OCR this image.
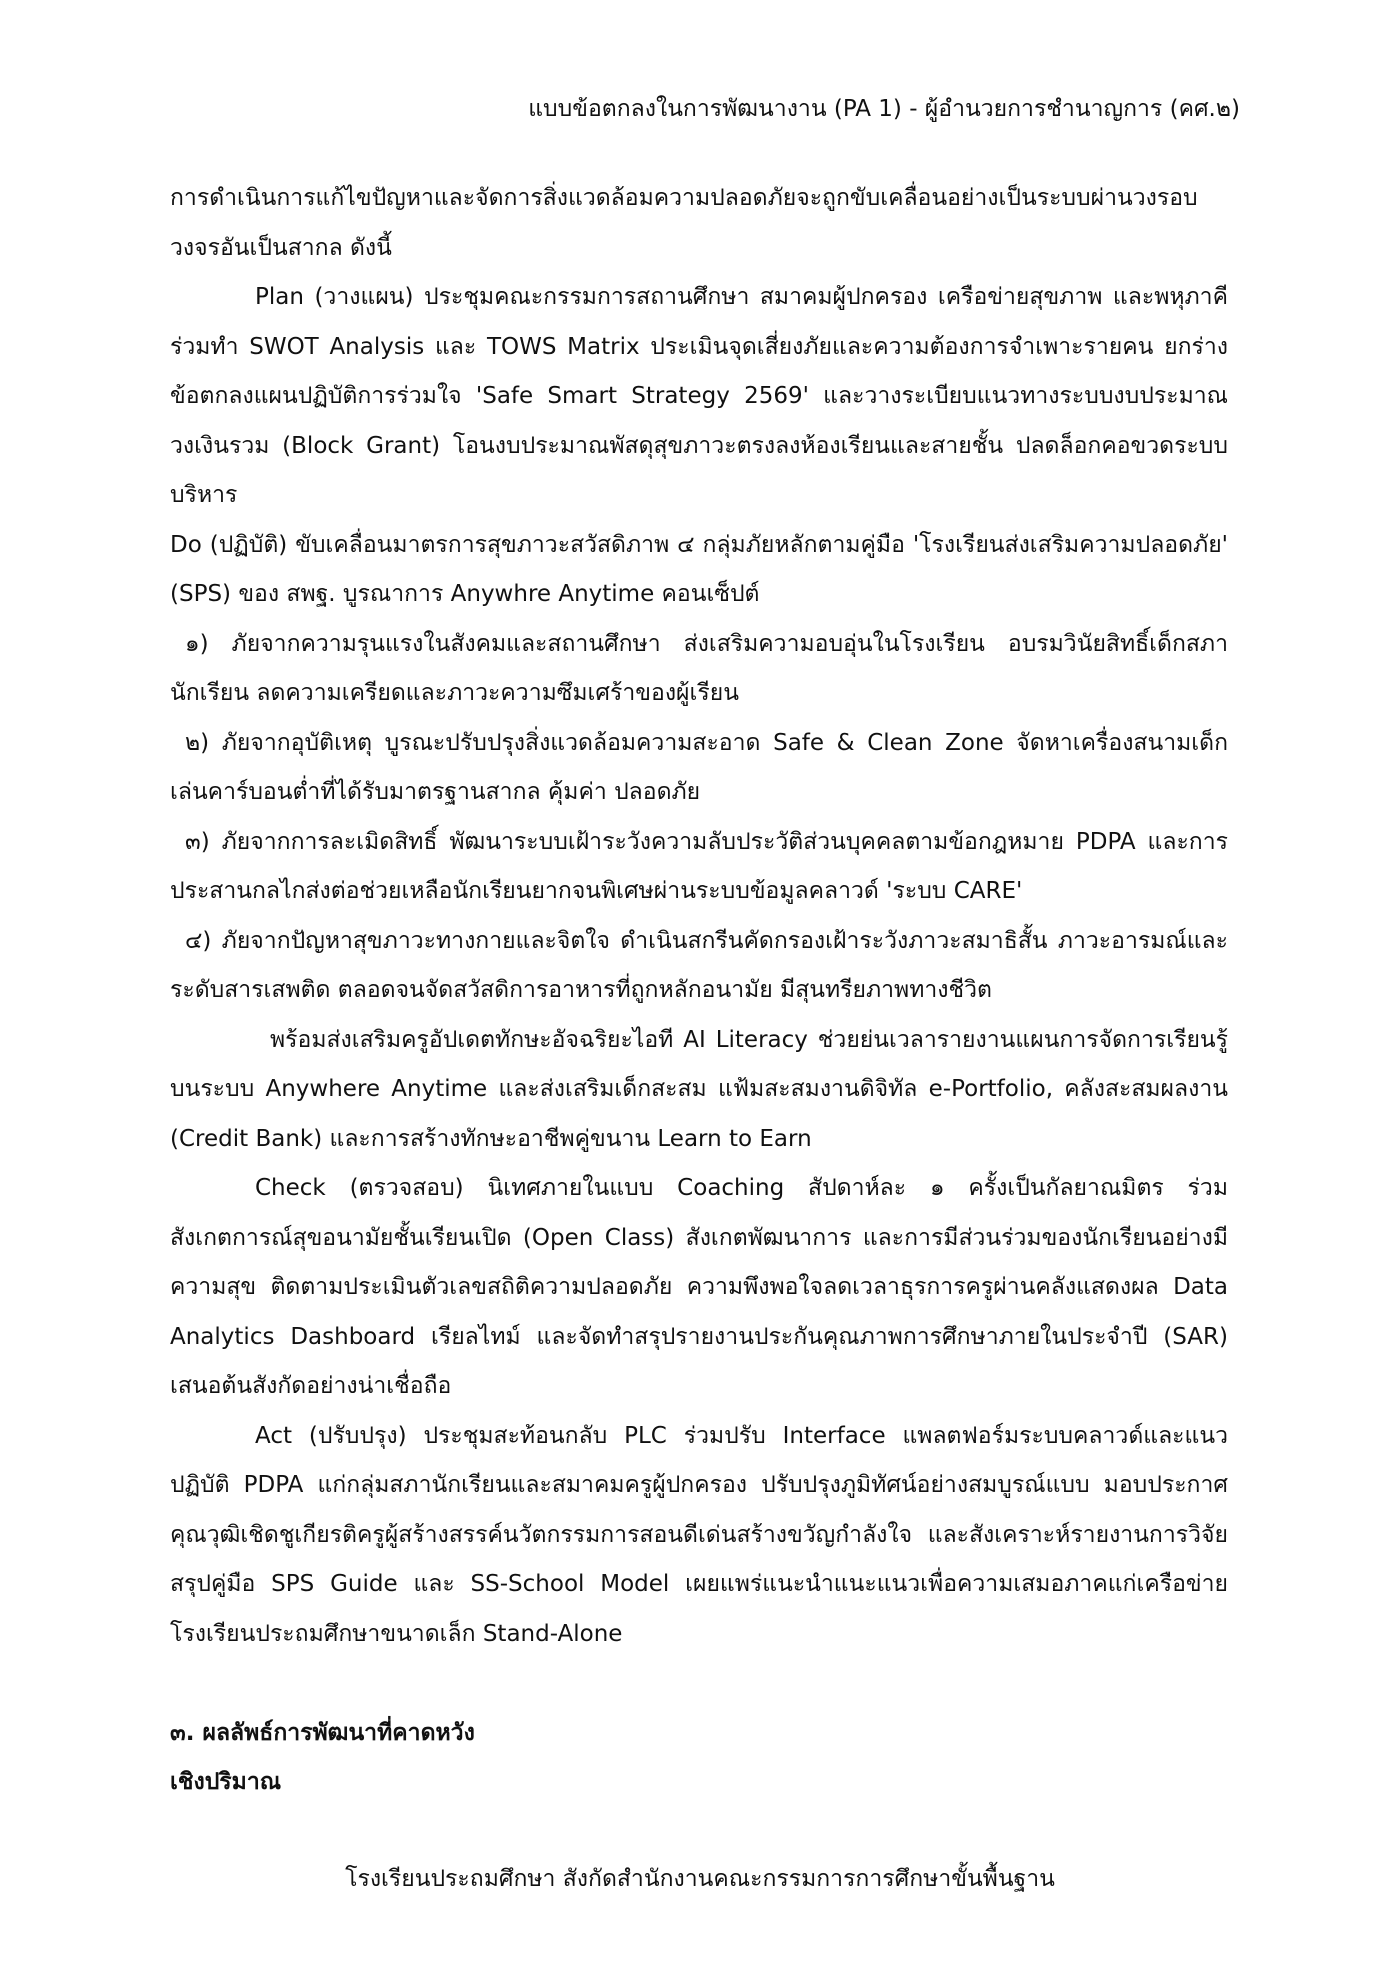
แบบข้อตกลงในการพัฒนางาน (PA 1) - ผู้อำนวยการชำนาญการ (คศ.๒)

การดำเนินการแก้ไขปัญหาและจัดการสิ่งแวดล้อมความปลอดภัยจะถูกขับเคลื่อนอย่างเป็นระบบผ่านวงรอบวงจรอันเป็นสากล ดังนี้

Plan (วางแผน) ประชุมคณะกรรมการสถานศึกษา สมาคมผู้ปกครอง เครือข่ายสุขภาพ และพหุภาคีร่วมทำ SWOT Analysis และ TOWS Matrix ประเมินจุดเสี่ยงภัยและความต้องการจำเพาะรายคน ยกร่างข้อตกลงแผนปฏิบัติการร่วมใจ 'Safe Smart Strategy 2569' และวางระเบียบแนวทางระบบงบประมาณวงเงินรวม (Block Grant) โอนงบประมาณพัสดุสุขภาวะตรงลงห้องเรียนและสายชั้น ปลดล็อกคอขวดระบบบริหาร

Do (ปฏิบัติ) ขับเคลื่อนมาตรการสุขภาวะสวัสดิภาพ ๔ กลุ่มภัยหลักตามคู่มือ 'โรงเรียนส่งเสริมความปลอดภัย' (SPS) ของ สพฐ. บูรณาการ Anywhre Anytime คอนเซ็ปต์

๑) ภัยจากความรุนแรงในสังคมและสถานศึกษา ส่งเสริมความอบอุ่นในโรงเรียน อบรมวินัยสิทธิ์เด็กสภานักเรียน ลดความเครียดและภาวะความซึมเศร้าของผู้เรียน

๒) ภัยจากอุบัติเหตุ บูรณะปรับปรุงสิ่งแวดล้อมความสะอาด Safe & Clean Zone จัดหาเครื่องสนามเด็กเล่นคาร์บอนต่ำที่ได้รับมาตรฐานสากล คุ้มค่า ปลอดภัย

๓) ภัยจากการละเมิดสิทธิ์ พัฒนาระบบเฝ้าระวังความลับประวัติส่วนบุคคลตามข้อกฎหมาย PDPA และการประสานกลไกส่งต่อช่วยเหลือนักเรียนยากจนพิเศษผ่านระบบข้อมูลคลาวด์ 'ระบบ CARE'

๔) ภัยจากปัญหาสุขภาวะทางกายและจิตใจ ดำเนินสกรีนคัดกรองเฝ้าระวังภาวะสมาธิสั้น ภาวะอารมณ์และระดับสารเสพติด ตลอดจนจัดสวัสดิการอาหารที่ถูกหลักอนามัย มีสุนทรียภาพทางชีวิต

พร้อมส่งเสริมครูอัปเดตทักษะอัจฉริยะไอที AI Literacy ช่วยย่นเวลารายงานแผนการจัดการเรียนรู้บนระบบ Anywhere Anytime และส่งเสริมเด็กสะสม แฟ้มสะสมงานดิจิทัล e-Portfolio, คลังสะสมผลงาน (Credit Bank) และการสร้างทักษะอาชีพคู่ขนาน Learn to Earn

Check (ตรวจสอบ) นิเทศภายในแบบ Coaching สัปดาห์ละ ๑ ครั้งเป็นกัลยาณมิตร ร่วมสังเกตการณ์สุขอนามัยชั้นเรียนเปิด (Open Class) สังเกตพัฒนาการ และการมีส่วนร่วมของนักเรียนอย่างมีความสุข ติดตามประเมินตัวเลขสถิติความปลอดภัย ความพึงพอใจลดเวลาธุรการครูผ่านคลังแสดงผล Data Analytics Dashboard เรียลไทม์ และจัดทำสรุปรายงานประกันคุณภาพการศึกษาภายในประจำปี (SAR) เสนอต้นสังกัดอย่างน่าเชื่อถือ

Act (ปรับปรุง) ประชุมสะท้อนกลับ PLC ร่วมปรับ Interface แพลตฟอร์มระบบคลาวด์และแนวปฏิบัติ PDPA แก่กลุ่มสภานักเรียนและสมาคมครูผู้ปกครอง ปรับปรุงภูมิทัศน์อย่างสมบูรณ์แบบ มอบประกาศคุณวุฒิเชิดชูเกียรติครูผู้สร้างสรรค์นวัตกรรมการสอนดีเด่นสร้างขวัญกำลังใจ และสังเคราะห์รายงานการวิจัยสรุปคู่มือ SPS Guide และ SS-School Model เผยแพร่แนะนำแนะแนวเพื่อความเสมอภาคแก่เครือข่ายโรงเรียนประถมศึกษาขนาดเล็ก Stand-Alone

๓. ผลลัพธ์การพัฒนาที่คาดหวัง

เชิงปริมาณ

โรงเรียนประถมศึกษา สังกัดสำนักงานคณะกรรมการการศึกษาขั้นพื้นฐาน
